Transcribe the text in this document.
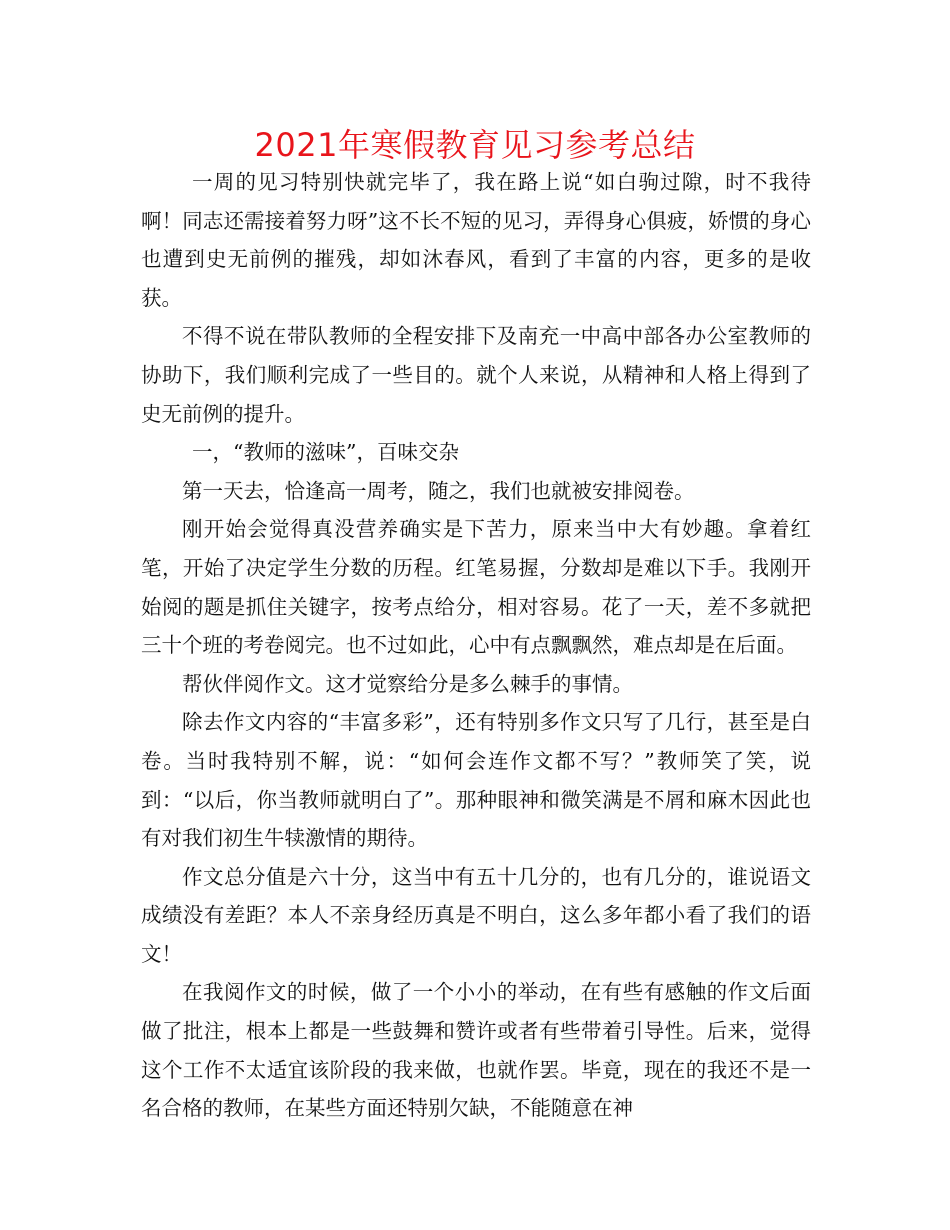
2021年寒假教育见习参考总结

一周的见习特别快就完毕了，我在路上说“如白驹过隙，时不我待啊！同志还需接着努力呀”这不长不短的见习，弄得身心俱疲，娇惯的身心也遭到史无前例的摧残，却如沐春风，看到了丰富的内容，更多的是收获。

不得不说在带队教师的全程安排下及南充一中高中部各办公室教师的协助下，我们顺利完成了一些目的。就个人来说，从精神和人格上得到了史无前例的提升。

一，“教师的滋味”，百味交杂

第一天去，恰逢高一周考，随之，我们也就被安排阅卷。

刚开始会觉得真没营养确实是下苦力，原来当中大有妙趣。拿着红笔，开始了决定学生分数的历程。红笔易握，分数却是难以下手。我刚开始阅的题是抓住关键字，按考点给分，相对容易。花了一天，差不多就把三十个班的考卷阅完。也不过如此，心中有点飘飘然，难点却是在后面。

帮伙伴阅作文。这才觉察给分是多么棘手的事情。

除去作文内容的“丰富多彩”，还有特别多作文只写了几行，甚至是白卷。当时我特别不解，说：“如何会连作文都不写？”教师笑了笑，说到：“以后，你当教师就明白了”。那种眼神和微笑满是不屑和麻木因此也有对我们初生牛犊激情的期待。

作文总分值是六十分，这当中有五十几分的，也有几分的，谁说语文成绩没有差距？本人不亲身经历真是不明白，这么多年都小看了我们的语文！

在我阅作文的时候，做了一个小小的举动，在有些有感触的作文后面做了批注，根本上都是一些鼓舞和赞许或者有些带着引导性。后来，觉得这个工作不太适宜该阶段的我来做，也就作罢。毕竟，现在的我还不是一名合格的教师，在某些方面还特别欠缺，不能随意在神
